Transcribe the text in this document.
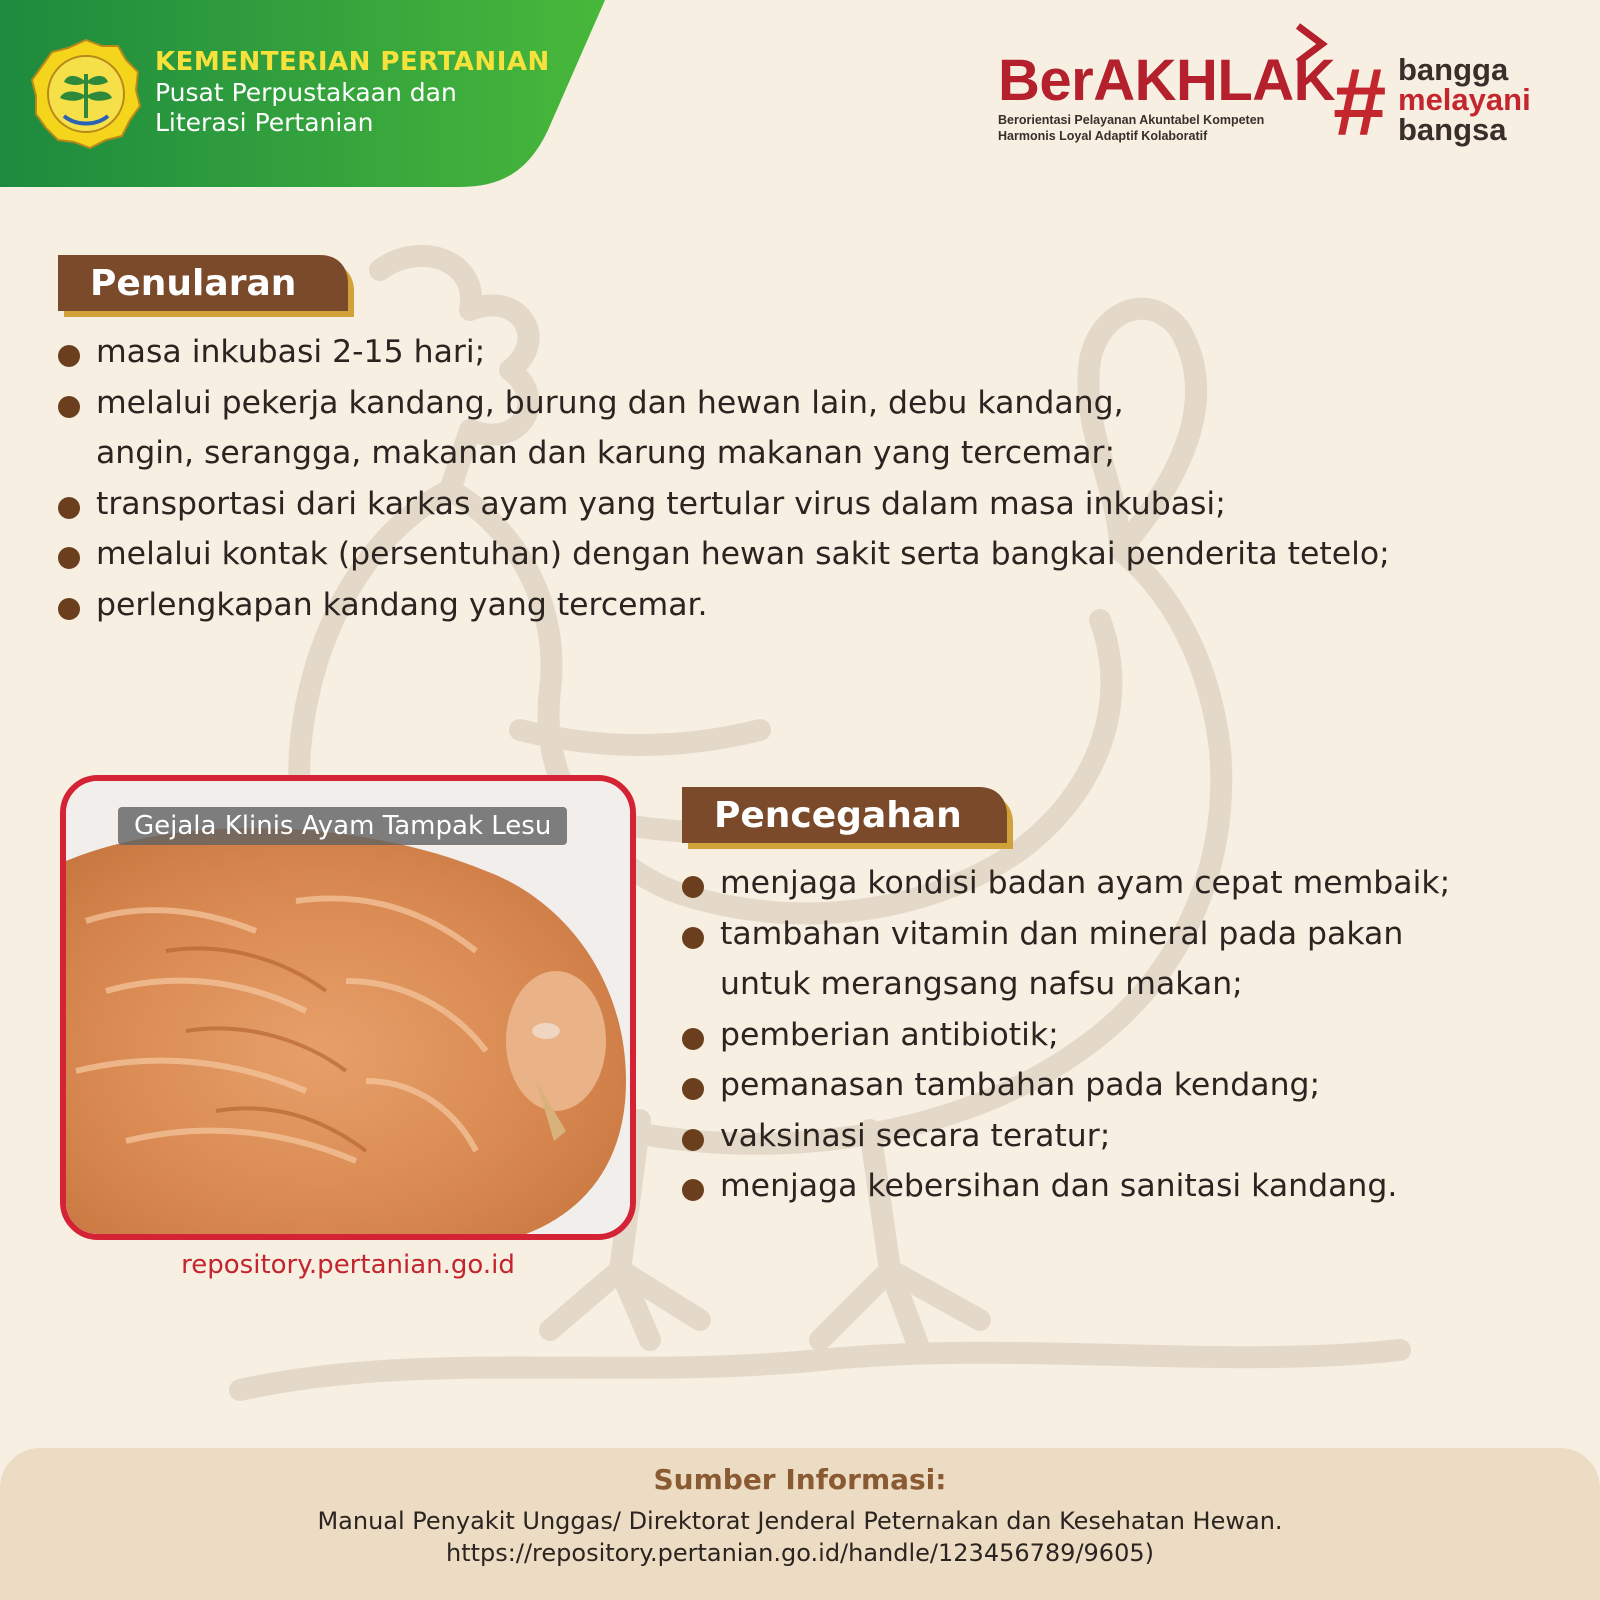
KEMENTERIAN PERTANIAN
Pusat Perpustakaan dan
Literasi Pertanian
BerAKHLAK
Berorientasi Pelayanan Akuntabel Kompeten
Harmonis Loyal Adaptif Kolaboratif	# bangga
melayani
bangsa
Penularan
masa inkubasi 2-15 hari;
melalui pekerja kandang, burung dan hewan lain, debu kandang,
angin, serangga, makanan dan karung makanan yang tercemar;
transportasi dari karkas ayam yang tertular virus dalam masa inkubasi;
melalui kontak (persentuhan) dengan hewan sakit serta bangkai penderita tetelo;
perlengkapan kandang yang tercemar.
Gejala Klinis Ayam Tampak Lesu
repository.pertanian.go.id
Pencegahan
menjaga kondisi badan ayam cepat membaik;
tambahan vitamin dan mineral pada pakan
untuk merangsang nafsu makan;
pemberian antibiotik;
pemanasan tambahan pada kendang;
vaksinasi secara teratur;
menjaga kebersihan dan sanitasi kandang.
Sumber Informasi:
Manual Penyakit Unggas/ Direktorat Jenderal Peternakan dan Kesehatan Hewan.
https://repository.pertanian.go.id/handle/123456789/9605)
